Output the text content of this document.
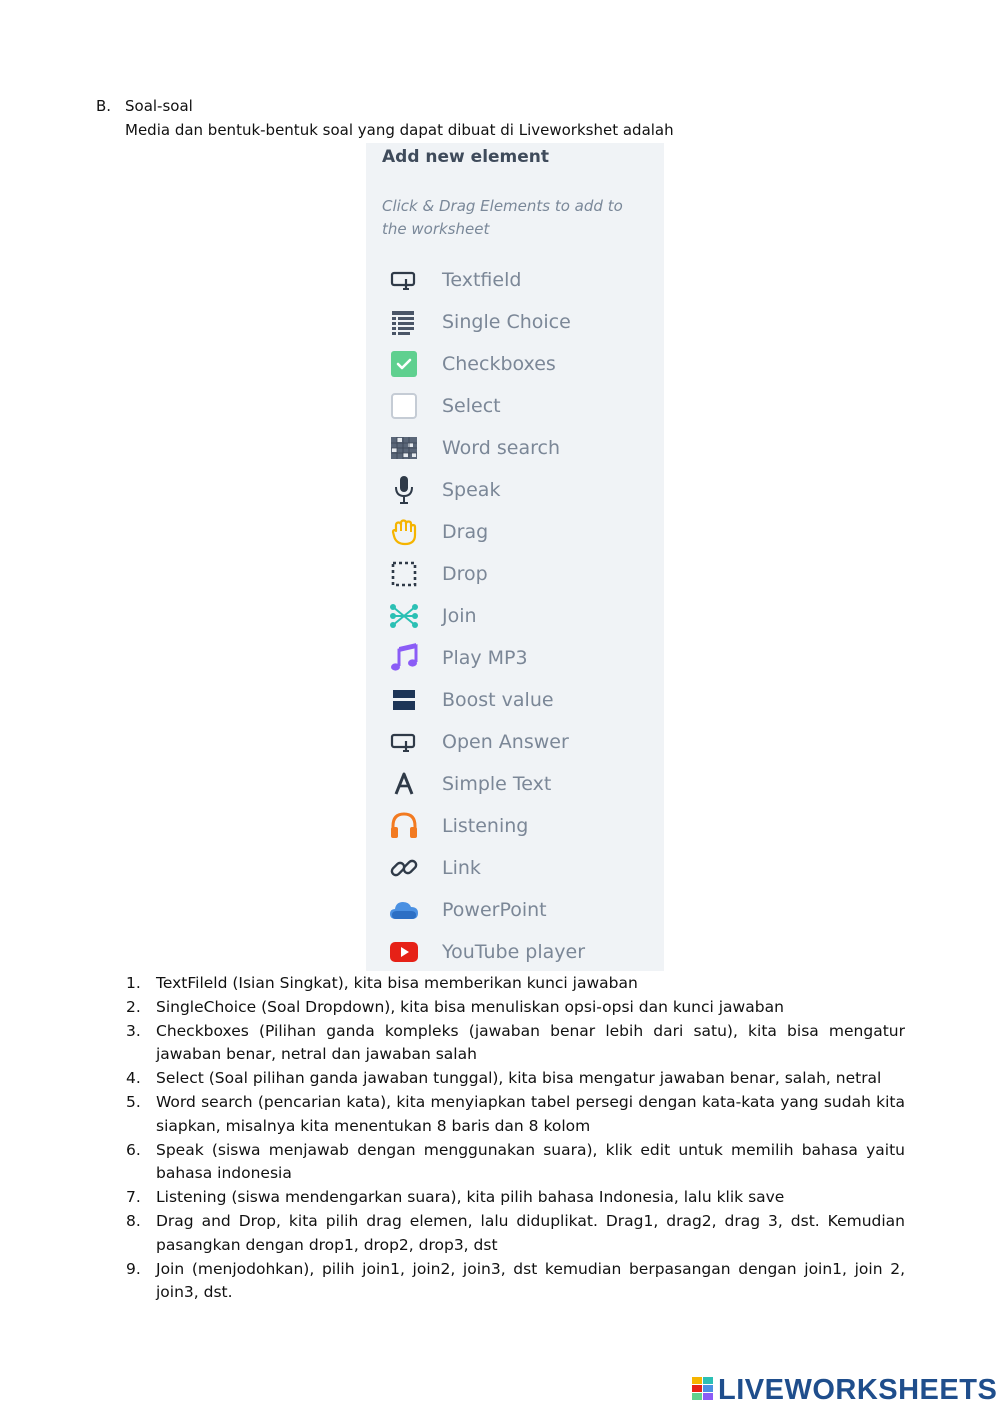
B. Soal-soal
Media dan bentuk-bentuk soal yang dapat dibuat di Liveworkshet adalah
Add new element
Click & Drag Elements to add to the worksheet
Textfield
Single Choice
Checkboxes
Select
Word search
Speak
Drag
Drop
Join
Play MP3
Boost value
Open Answer
Simple Text
Listening
Link
PowerPoint
YouTube player
1. TextFileld (Isian Singkat), kita bisa memberikan kunci jawaban
2. SingleChoice (Soal Dropdown), kita bisa menuliskan opsi-opsi dan kunci jawaban
3. Checkboxes (Pilihan ganda kompleks (jawaban benar lebih dari satu), kita bisa mengatur jawaban benar, netral dan jawaban salah
4. Select (Soal pilihan ganda jawaban tunggal), kita bisa mengatur jawaban benar, salah, netral
5. Word search (pencarian kata), kita menyiapkan tabel persegi dengan kata-kata yang sudah kita siapkan, misalnya kita menentukan 8 baris dan 8 kolom
6. Speak (siswa menjawab dengan menggunakan suara), klik edit untuk memilih bahasa yaitu bahasa indonesia
7. Listening (siswa mendengarkan suara), kita pilih bahasa Indonesia, lalu klik save
8. Drag and Drop, kita pilih drag elemen, lalu diduplikat. Drag1, drag2, drag 3, dst. Kemudian pasangkan dengan drop1, drop2, drop3, dst
9. Join (menjodohkan), pilih join1, join2, join3, dst kemudian berpasangan dengan join1, join 2, join3, dst.
LIVEWORKSHEETS
